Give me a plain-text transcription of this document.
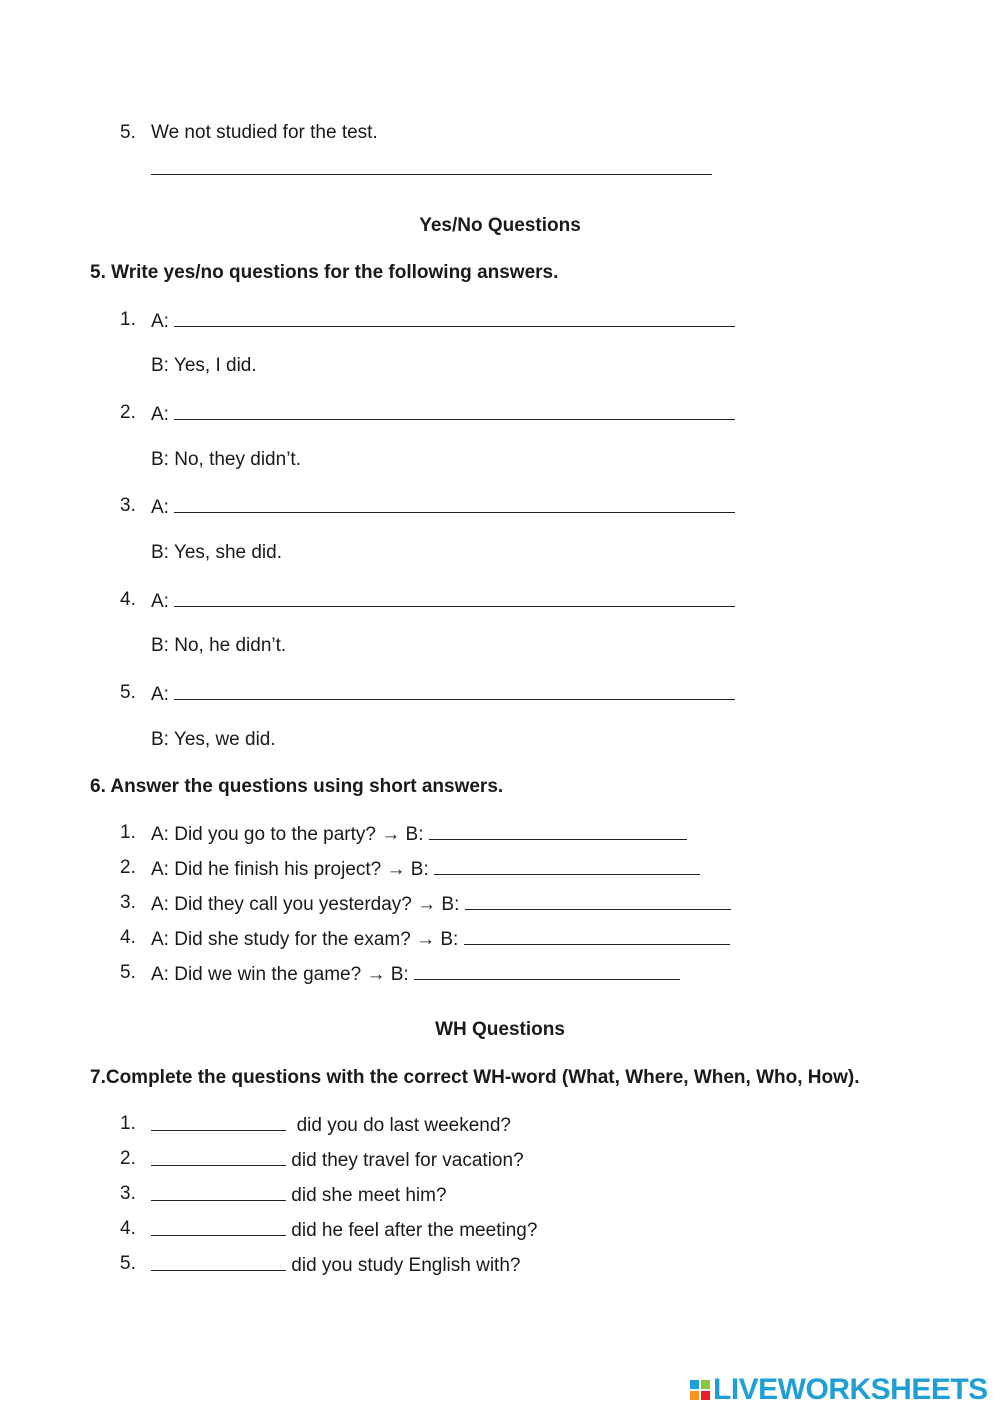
5. We not studied for the test.
Yes/No Questions
5. Write yes/no questions for the following answers.
1. A:
B: Yes, I did.
2. A:
B: No, they didn’t.
3. A:
B: Yes, she did.
4. A:
B: No, he didn’t.
5. A:
B: Yes, we did.
6. Answer the questions using short answers.
1. A: Did you go to the party? → B:
2. A: Did he finish his project? → B:
3. A: Did they call you yesterday? → B:
4. A: Did she study for the exam? → B:
5. A: Did we win the game? → B:
WH Questions
7.Complete the questions with the correct WH-word (What, Where, When, Who, How).
1.	did you do last weekend?
2.	did they travel for vacation?
3.	did she meet him?
4.	did he feel after the meeting?
5.	did you study English with?
LIVEWORKSHEETS
